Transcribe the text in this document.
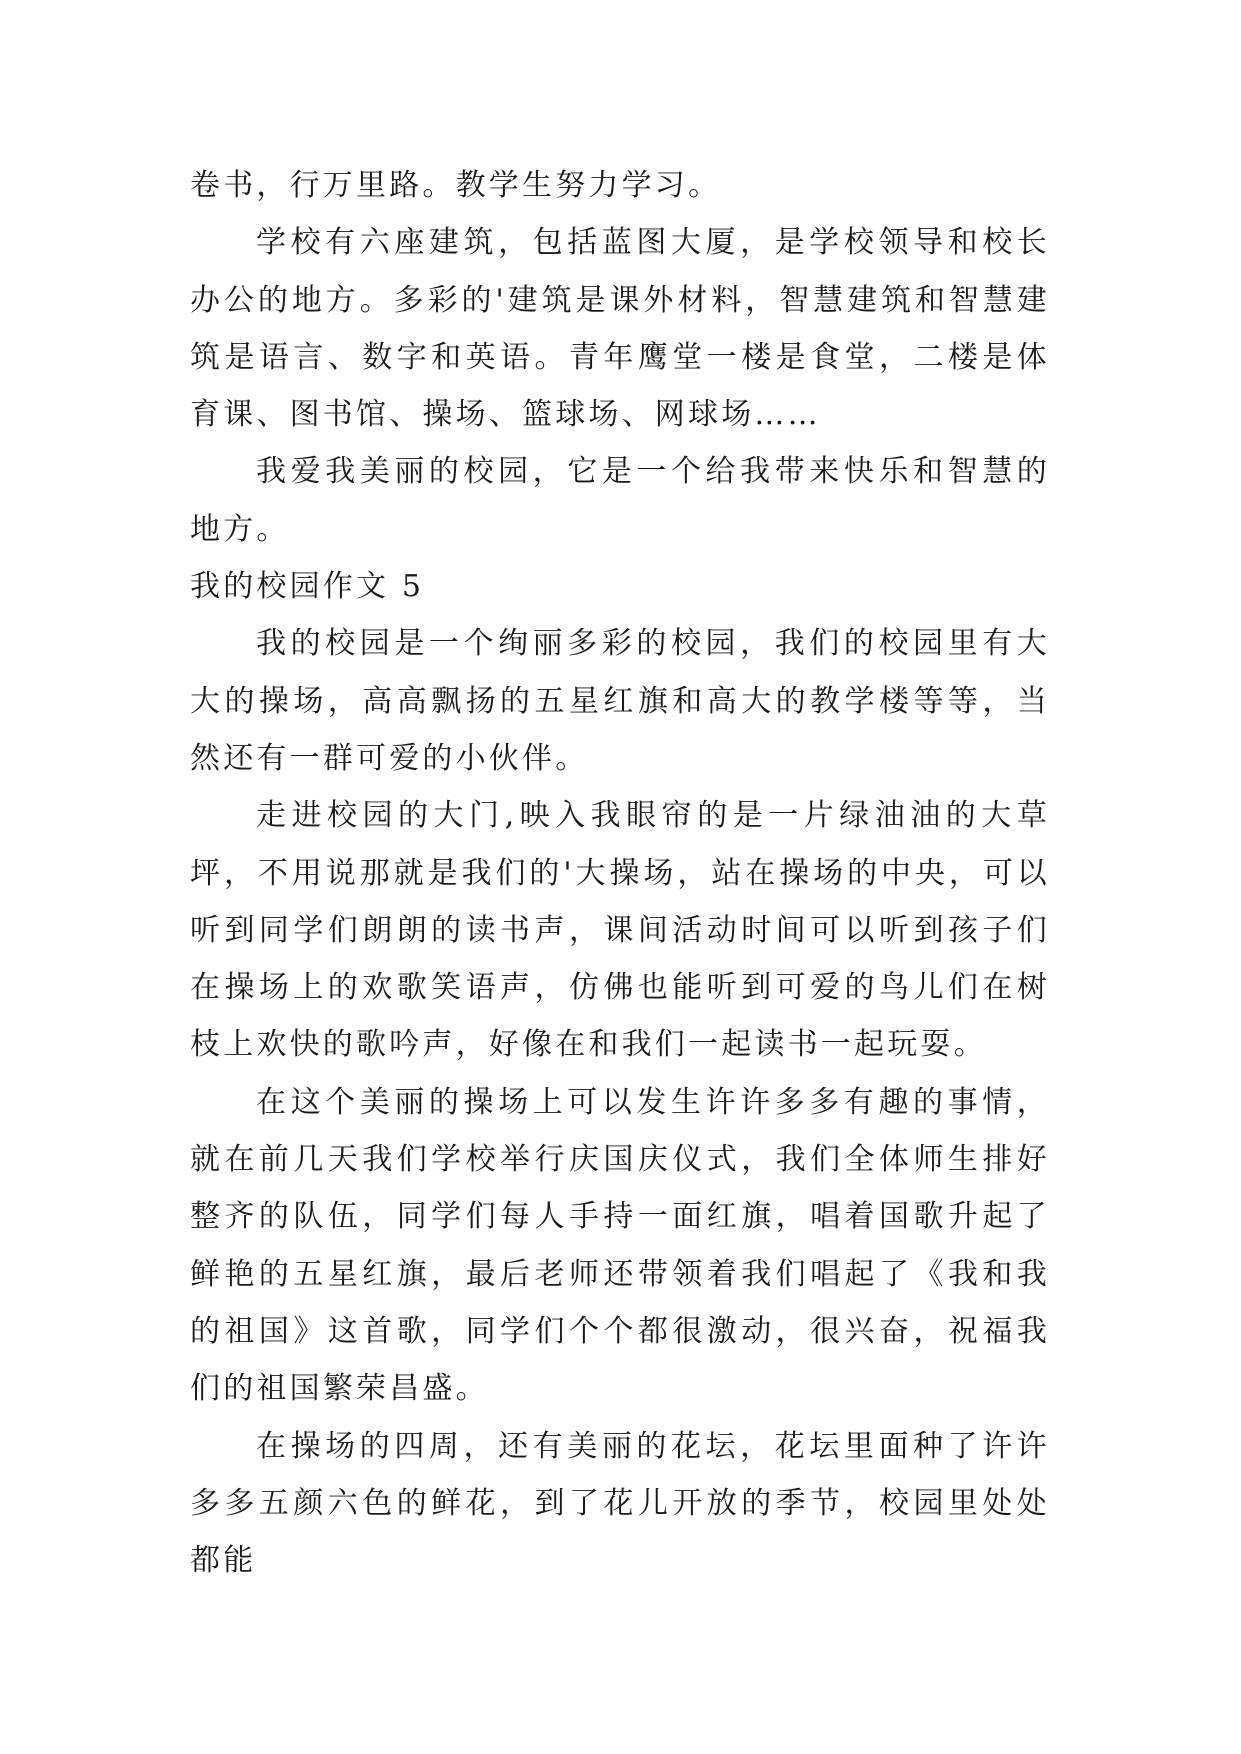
卷书，行万里路。教学生努力学习。

学校有六座建筑，包括蓝图大厦，是学校领导和校长办公的地方。多彩的'建筑是课外材料，智慧建筑和智慧建筑是语言、数字和英语。青年鹰堂一楼是食堂，二楼是体育课、图书馆、操场、篮球场、网球场……

我爱我美丽的校园，它是一个给我带来快乐和智慧的地方。

我的校园作文 5

我的校园是一个绚丽多彩的校园，我们的校园里有大大的操场，高高飘扬的五星红旗和高大的教学楼等等，当然还有一群可爱的小伙伴。

走进校园的大门,映入我眼帘的是一片绿油油的大草坪，不用说那就是我们的'大操场，站在操场的中央，可以听到同学们朗朗的读书声，课间活动时间可以听到孩子们在操场上的欢歌笑语声，仿佛也能听到可爱的鸟儿们在树枝上欢快的歌吟声，好像在和我们一起读书一起玩耍。

在这个美丽的操场上可以发生许许多多有趣的事情，就在前几天我们学校举行庆国庆仪式，我们全体师生排好整齐的队伍，同学们每人手持一面红旗，唱着国歌升起了鲜艳的五星红旗，最后老师还带领着我们唱起了《我和我的祖国》这首歌，同学们个个都很激动，很兴奋，祝福我们的祖国繁荣昌盛。

在操场的四周，还有美丽的花坛，花坛里面种了许许多多五颜六色的鲜花，到了花儿开放的季节，校园里处处都能
